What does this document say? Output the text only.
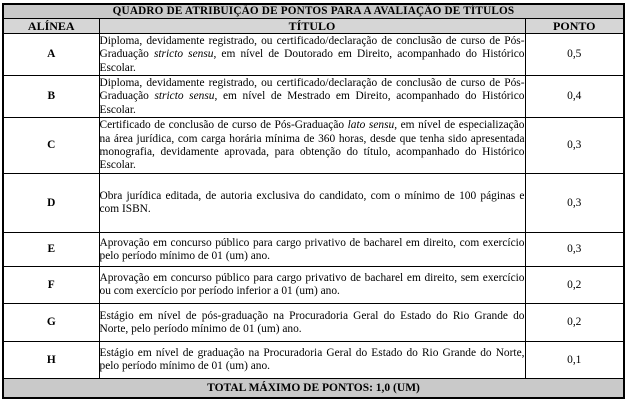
QUADRO DE ATRIBUIÇÃO DE PONTOS PARA A AVALIAÇÃO DE TÍTULOS		
ALÍNEA	TÍTULO	PONTO
A	Diploma, devidamente registrado, ou certificado/declaração de conclusão de curso de Pós-Graduação stricto sensu, em nível de Doutorado em Direito, acompanhado do Histórico Escolar.	0,5
B	Diploma, devidamente registrado, ou certificado/declaração de conclusão de curso de Pós-Graduação stricto sensu, em nível de Mestrado em Direito, acompanhado do Histórico Escolar.	0,4
C	Certificado de conclusão de curso de Pós-Graduação lato sensu, em nível de especialização na área jurídica, com carga horária mínima de 360 horas, desde que tenha sido apresentada monografia, devidamente aprovada, para obtenção do título, acompanhado do Histórico Escolar.	0,3
D	Obra jurídica editada, de autoria exclusiva do candidato, com o mínimo de 100 páginas e com ISBN.	0,3
E	Aprovação em concurso público para cargo privativo de bacharel em direito, com exercício pelo período mínimo de 01 (um) ano.	0,3
F	Aprovação em concurso público para cargo privativo de bacharel em direito, sem exercício ou com exercício por período inferior a 01 (um) ano.	0,2
G	Estágio em nível de pós-graduação na Procuradoria Geral do Estado do Rio Grande do Norte, pelo período mínimo de 01 (um) ano.	0,2
H	Estágio em nível de graduação na Procuradoria Geral do Estado do Rio Grande do Norte, pelo período mínimo de 01 (um) ano.	0,1
TOTAL MÁXIMO DE PONTOS: 1,0 (UM)		
